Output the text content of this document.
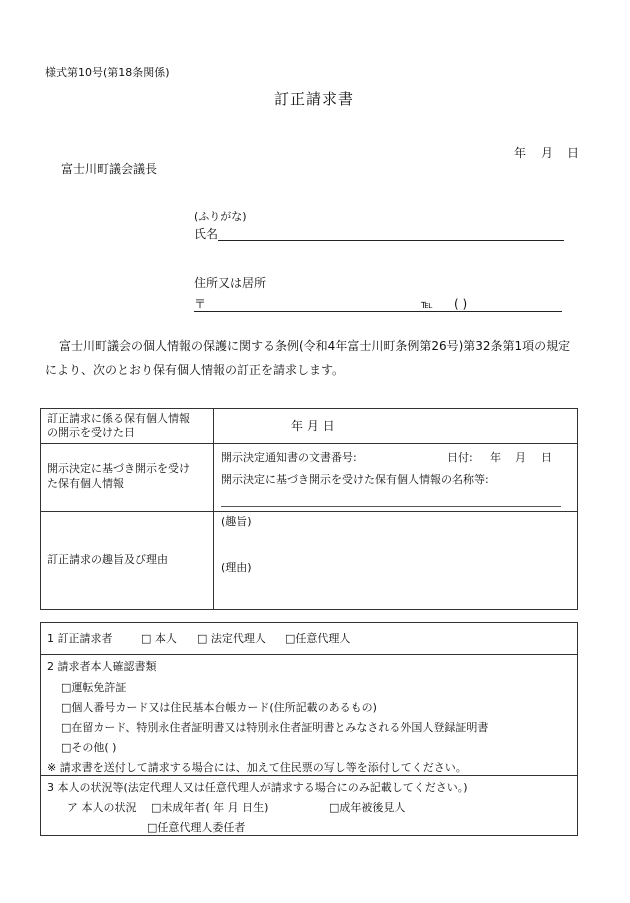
様式第10号(第18条関係)
訂正請求書
年 月 日
富士川町議会議長
(ふりがな)
氏名
住所又は居所
〒	℡ ( )
富士川町議会の個人情報の保護に関する条例(令和4年富士川町条例第26号)第32条第1項の規定
により、次のとおり保有個人情報の訂正を請求します。
訂正請求に係る保有個人情報
の開示を受けた日	年 月 日
開示決定に基づき開示を受け
た保有個人情報
開示決定通知書の文書番号:	日付: 年 月 日
開示決定に基づき開示を受けた保有個人情報の名称等:
訂正請求の趣旨及び理由
(趣旨)
(理由)
1 訂正請求者	□ 本人 □ 法定代理人 □任意代理人
2 請求者本人確認書類
□運転免許証
□個人番号カード又は住民基本台帳カード(住所記載のあるもの)
□在留カード、特別永住者証明書又は特別永住者証明書とみなされる外国人登録証明書
□その他( )
※ 請求書を送付して請求する場合には、加えて住民票の写し等を添付してください。
3 本人の状況等(法定代理人又は任意代理人が請求する場合にのみ記載してください。)
ア 本人の状況 □未成年者( 年 月 日生)	□成年被後見人
□任意代理人委任者
